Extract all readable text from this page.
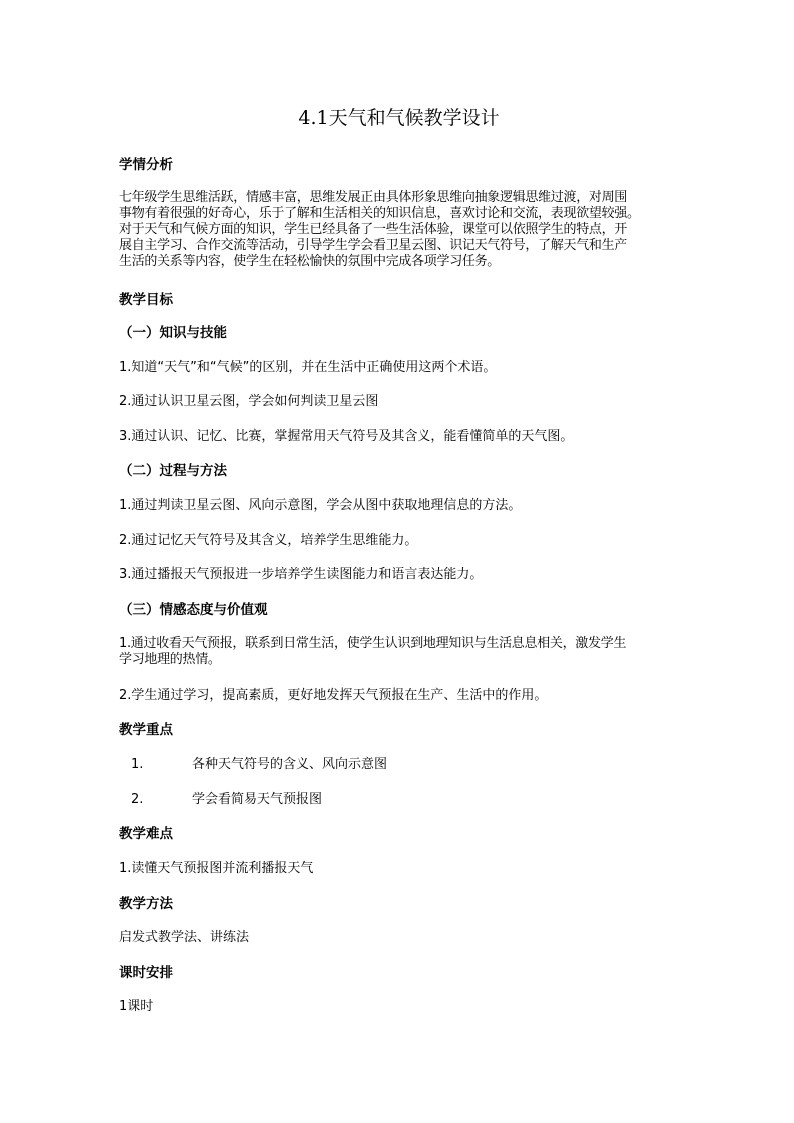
4.1天气和气候教学设计
学情分析
七年级学生思维活跃，情感丰富，思维发展正由具体形象思维向抽象逻辑思维过渡，对周围
事物有着很强的好奇心，乐于了解和生活相关的知识信息，喜欢讨论和交流，表现欲望较强。
对于天气和气候方面的知识，学生已经具备了一些生活体验，课堂可以依照学生的特点，开
展自主学习、合作交流等活动，引导学生学会看卫星云图、识记天气符号，了解天气和生产
生活的关系等内容，使学生在轻松愉快的氛围中完成各项学习任务。
教学目标
（一）知识与技能
1.知道“天气”和“气候”的区别，并在生活中正确使用这两个术语。
2.通过认识卫星云图，学会如何判读卫星云图
3.通过认识、记忆、比赛，掌握常用天气符号及其含义，能看懂简单的天气图。
（二）过程与方法
1.通过判读卫星云图、风向示意图，学会从图中获取地理信息的方法。
2.通过记忆天气符号及其含义，培养学生思维能力。
3.通过播报天气预报进一步培养学生读图能力和语言表达能力。
（三）情感态度与价值观
1.通过收看天气预报，联系到日常生活，使学生认识到地理知识与生活息息相关，激发学生
学习地理的热情。
2.学生通过学习，提高素质，更好地发挥天气预报在生产、生活中的作用。
教学重点
1.	各种天气符号的含义、风向示意图
2.	学会看简易天气预报图
教学难点
1.读懂天气预报图并流利播报天气
教学方法
启发式教学法、讲练法
课时安排
1课时
